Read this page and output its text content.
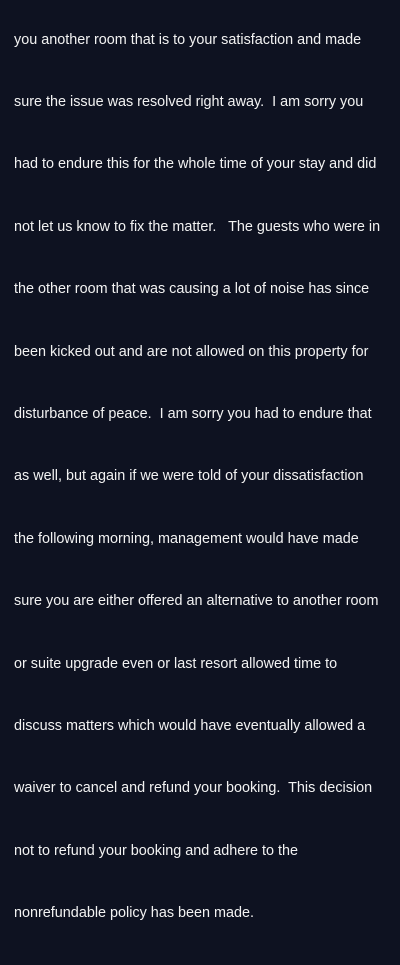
you another room that is to your satisfaction and made

sure the issue was resolved right away.  I am sorry you

had to endure this for the whole time of your stay and did

not let us know to fix the matter.   The guests who were in

the other room that was causing a lot of noise has since

been kicked out and are not allowed on this property for

disturbance of peace.  I am sorry you had to endure that

as well, but again if we were told of your dissatisfaction

the following morning, management would have made

sure you are either offered an alternative to another room

or suite upgrade even or last resort allowed time to

discuss matters which would have eventually allowed a

waiver to cancel and refund your booking.  This decision

not to refund your booking and adhere to the

nonrefundable policy has been made.
